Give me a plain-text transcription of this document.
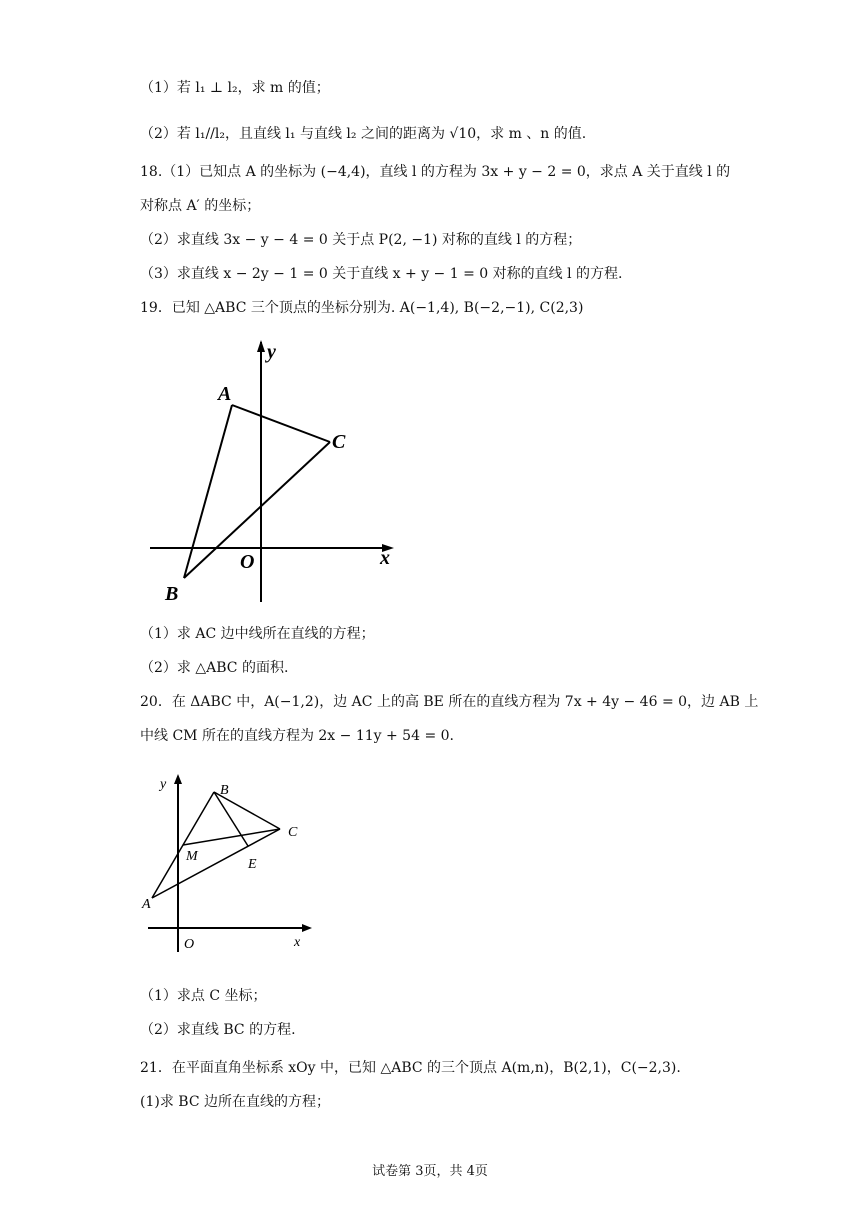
（1）若 l₁ ⊥ l₂，求 m 的值；
（2）若 l₁//l₂，且直线 l₁ 与直线 l₂ 之间的距离为 √10，求 m 、n 的值.
18.（1）已知点 A 的坐标为 (−4,4)，直线 l 的方程为 3x + y − 2 = 0，求点 A 关于直线 l 的
对称点 A′ 的坐标；
（2）求直线 3x − y − 4 = 0 关于点 P(2, −1) 对称的直线 l 的方程；
（3）求直线 x − 2y − 1 = 0 关于直线 x + y − 1 = 0 对称的直线 l 的方程.
19．已知 △ABC 三个顶点的坐标分别为. A(−1,4), B(−2,−1), C(2,3)
y
A
C
O	x
B
（1）求 AC 边中线所在直线的方程；
（2）求 △ABC 的面积.
20．在 ΔABC 中，A(−1,2)，边 AC 上的高 BE 所在的直线方程为 7x + 4y − 46 = 0，边 AB 上
中线 CM 所在的直线方程为 2x − 11y + 54 = 0.
y	B
C
M
E
A
O	x
（1）求点 C 坐标；
（2）求直线 BC 的方程.
21．在平面直角坐标系 xOy 中，已知 △ABC 的三个顶点 A(m,n)，B(2,1)，C(−2,3).
(1)求 BC 边所在直线的方程；
试卷第 3页，共 4页
